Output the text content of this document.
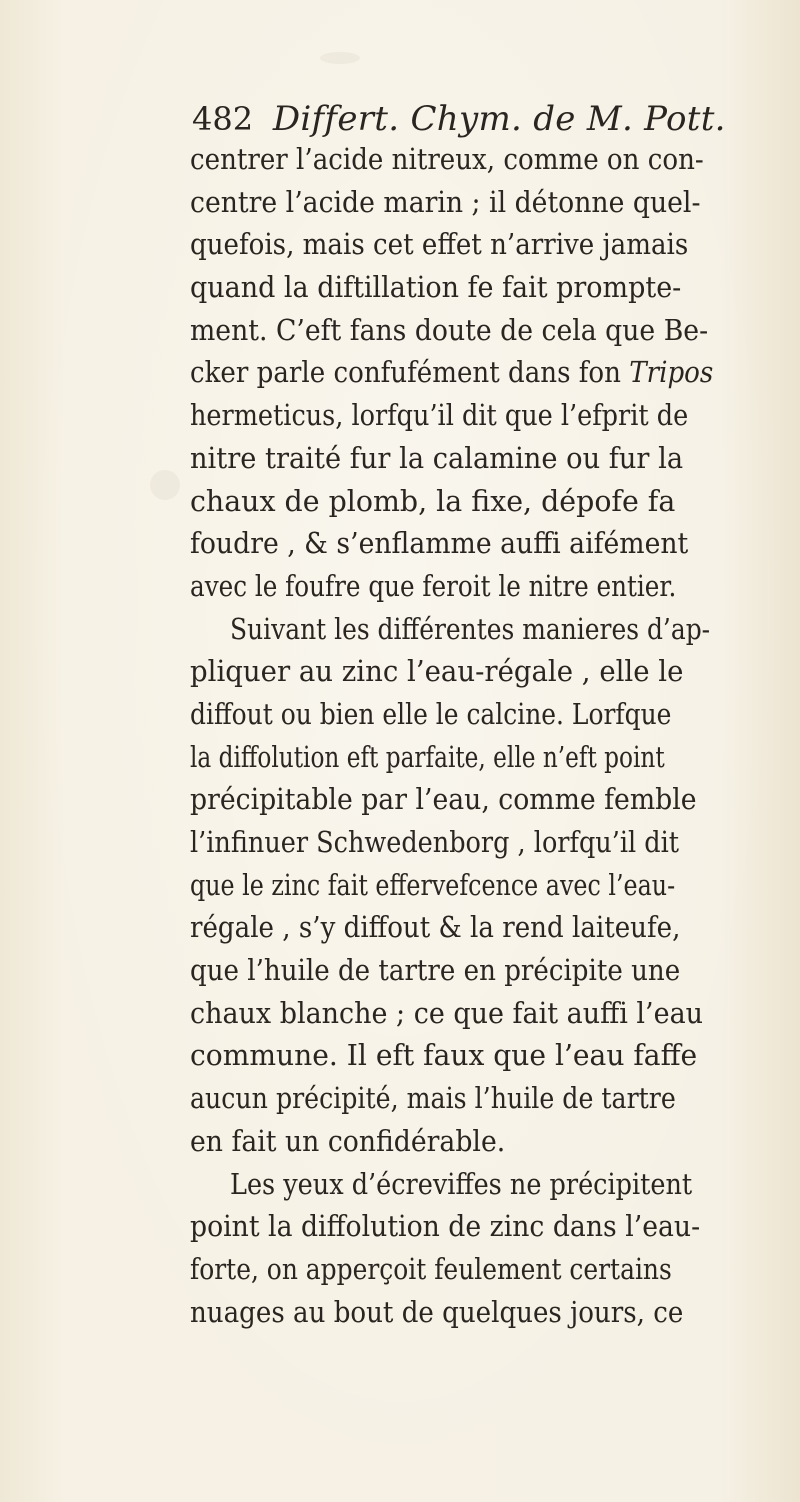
482 Differt. Chym. de M. Pott.
centrer l’acide nitreux, comme on con-
centre l’acide marin ; il détonne quel-
quefois, mais cet effet n’arrive jamais
quand la diftillation fe fait prompte-
ment. C’eft fans doute de cela que Be-
cker parle confufément dans fon Tripos
hermeticus, lorfqu’il dit que l’efprit de
nitre traité fur la calamine ou fur la
chaux de plomb, la fixe, dépofe fa
foudre , & s’enflamme auffi aifément
avec le foufre que feroit le nitre entier.
Suivant les différentes manieres d’ap-
pliquer au zinc l’eau-régale , elle le
diffout ou bien elle le calcine. Lorfque
la diffolution eft parfaite, elle n’eft point
précipitable par l’eau, comme femble
l’infinuer Schwedenborg , lorfqu’il dit
que le zinc fait effervefcence avec l’eau-
régale , s’y diffout & la rend laiteufe,
que l’huile de tartre en précipite une
chaux blanche ; ce que fait auffi l’eau
commune. Il eft faux que l’eau faffe
aucun précipité, mais l’huile de tartre
en fait un confidérable.
Les yeux d’écreviffes ne précipitent
point la diffolution de zinc dans l’eau-
forte, on apperçoit feulement certains
nuages au bout de quelques jours, ce
